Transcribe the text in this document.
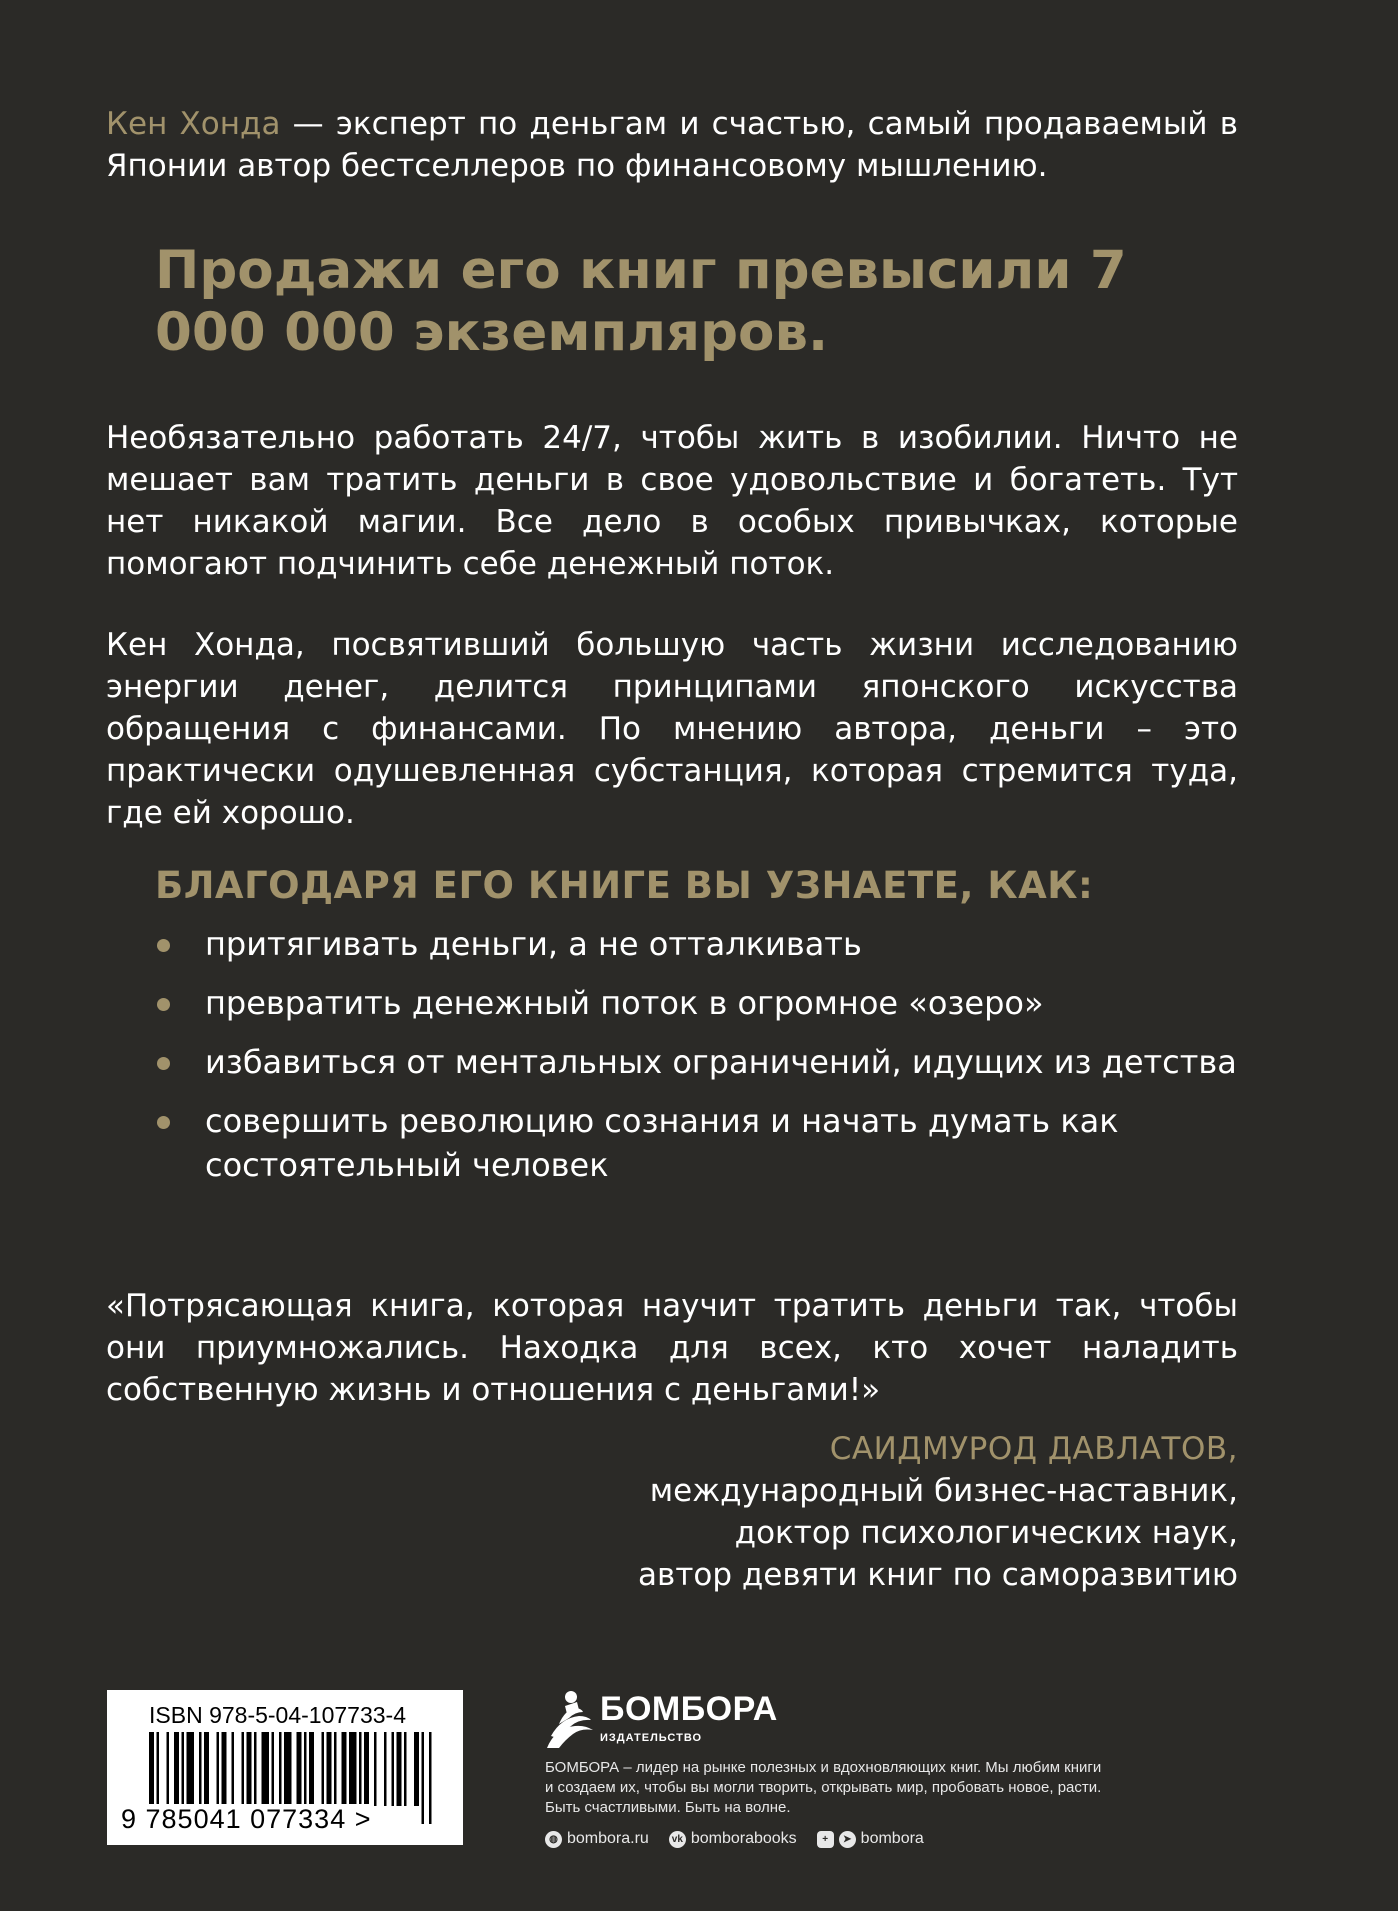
Кен Хонда — эксперт по деньгам и счастью, самый продаваемый в Японии автор бестселлеров по финансовому мышлению.

Продажи его книг превысили 7 000 000 экземпляров.

Необязательно работать 24/7, чтобы жить в изобилии. Ничто не мешает вам тратить деньги в свое удовольствие и богатеть. Тут нет никакой магии. Все дело в особых привычках, которые помогают подчинить себе денежный поток.

Кен Хонда, посвятивший большую часть жизни исследованию энергии денег, делится принципами японского искусства обращения с финансами. По мнению автора, деньги – это практически одушевленная субстанция, которая стремится туда, где ей хорошо.

БЛАГОДАРЯ ЕГО КНИГЕ ВЫ УЗНАЕТЕ, КАК:
притягивать деньги, а не отталкивать
превратить денежный поток в огромное «озеро»
избавиться от ментальных ограничений, идущих из детства
совершить революцию сознания и начать думать как состоятельный человек

«Потрясающая книга, которая научит тратить деньги так, чтобы они приумножались. Находка для всех, кто хочет наладить собственную жизнь и отношения с деньгами!»

САИДМУРОД ДАВЛАТОВ,
международный бизнес-наставник,
доктор психологических наук,
автор девяти книг по саморазвитию
ISBN 978-5-04-107733-4
9 785041 077334 >
БОМБОРА
ИЗДАТЕЛЬСТВО

БОМБОРА – лидер на рынке полезных и вдохновляющих книг. Мы любим книги и создаем их, чтобы вы могли творить, открывать мир, пробовать новое, расти. Быть счастливыми. Быть на волне.

◍ bombora.ru vk bomborabooks	+	➤ bombora
